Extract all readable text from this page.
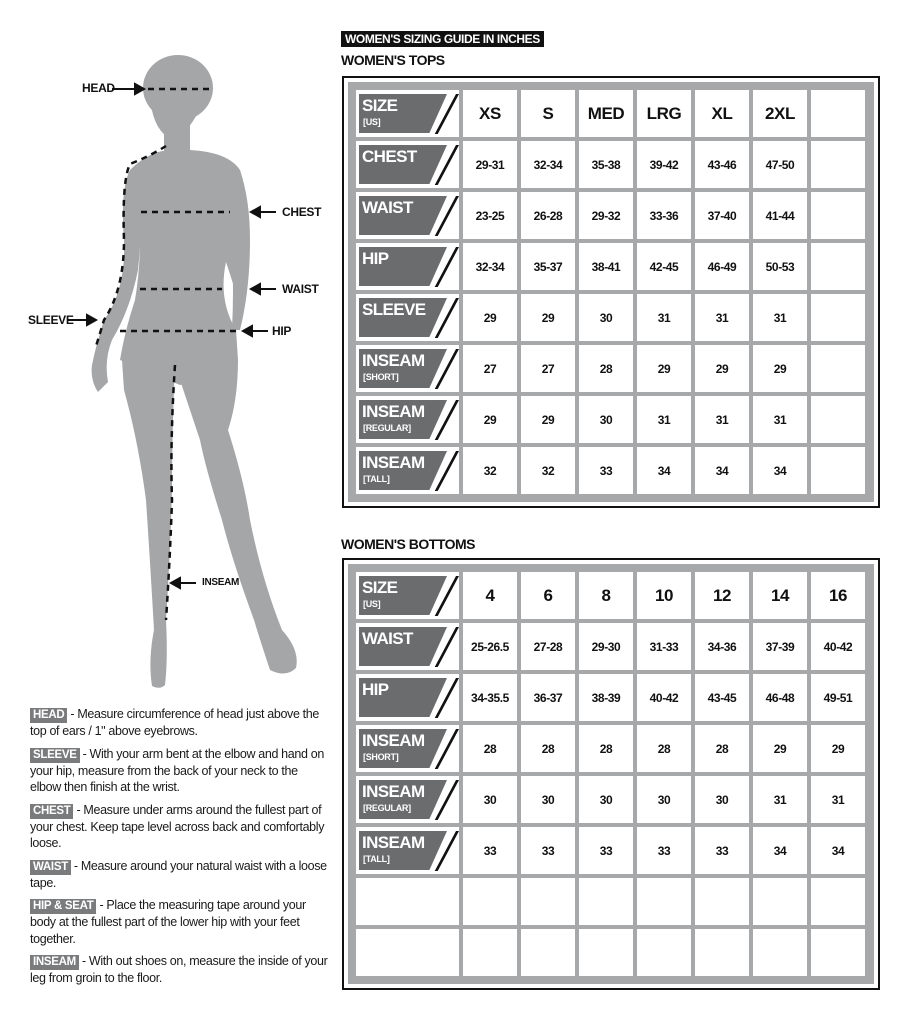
HEAD
CHEST
WAIST
SLEEVE
HIP
INSEAM

HEAD - Measure circumference of head just above the top of ears / 1" above eyebrows.

SLEEVE - With your arm bent at the elbow and hand on your hip, measure from the back of your neck to the elbow then finish at the wrist.

CHEST - Measure under arms around the fullest part of your chest. Keep tape level across back and comfortably loose.

WAIST - Measure around your natural waist with a loose tape.

HIP & SEAT - Place the measuring tape around your body at the fullest part of the lower hip with your feet together.

INSEAM - With out shoes on, measure the inside of your leg from groin to the floor.

WOMEN'S SIZING GUIDE IN INCHES
WOMEN'S TOPS
WOMEN'S BOTTOMS
SIZE
[US]	XS	S	MED	LRG	XL	2XL
CHEST	29-31	32-34	35-38	39-42	43-46	47-50
WAIST	23-25	26-28	29-32	33-36	37-40	41-44
HIP	32-34	35-37	38-41	42-45	46-49	50-53
SLEEVE	29	29	30	31	31	31
INSEAM
[SHORT]
27	27	28	29	29	29
INSEAM
[REGULAR]
29	29	30	31	31	31
INSEAM
[TALL]
32	32	33	34	34	34
SIZE
[US]	4	6	8	10	12	14	16
WAIST	25-26.5	27-28	29-30	31-33	34-36	37-39	40-42
HIP	34-35.5	36-37	38-39	40-42	43-45	46-48	49-51
INSEAM
[SHORT]
28	28	28	28	28	29	29
INSEAM
[REGULAR]
30	30	30	30	30	31	31
INSEAM
[TALL]
33	33	33	33	33	34	34
